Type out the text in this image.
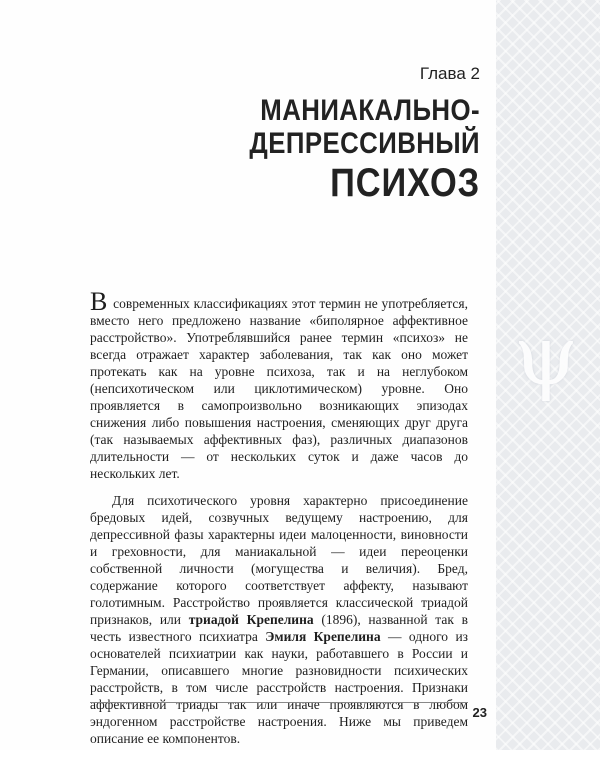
ψ
Глава 2
МАНИАКАЛЬНО-
ДЕПРЕССИВНЫЙ
ПСИХОЗ

В современных классификациях этот термин не употребляется, вместо него предложено название «биполярное аффективное расстройство». Употреблявшийся ранее термин «психоз» не всегда отражает характер заболевания, так как оно может протекать как на уровне психоза, так и на неглубоком (непсихотическом или циклотимическом) уровне. Оно проявляется в самопроизвольно возникающих эпизодах снижения либо повышения настроения, сменяющих друг друга (так называемых аффективных фаз), различных диапазонов длительности — от нескольких суток и даже часов до нескольких лет.

Для психотического уровня характерно присоединение бредовых идей, созвучных ведущему настроению, для депрессивной фазы характерны идеи малоценности, виновности и греховности, для маниакальной — идеи переоценки собственной личности (могущества и величия). Бред, содержание которого соответствует аффекту, называют голотимным. Расстройство проявляется классической триадой признаков, или триадой Крепелина (1896), названной так в честь известного психиатра Эмиля Крепелина — одного из основателей психиатрии как науки, работавшего в России и Германии, описавшего многие разновидности психических расстройств, в том числе расстройств настроения. Признаки аффективной триады так или иначе проявляются в любом эндогенном расстройстве настроения. Ниже мы приведем описание ее компонентов.

23
